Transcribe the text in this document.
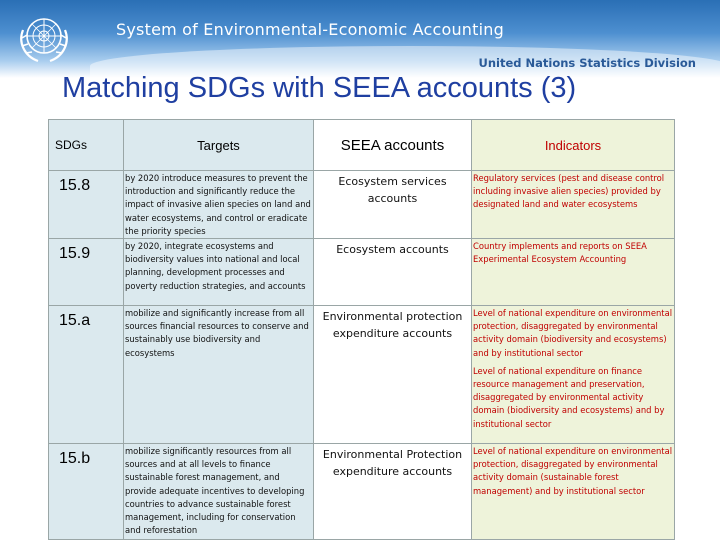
System of Environmental-Economic Accounting
United Nations Statistics Division
Matching SDGs with SEEA accounts (3)
SDGs	Targets	SEEA accounts	Indicators

15.8	by 2020 introduce measures to prevent the introduction and significantly reduce the impact of invasive alien species on land and water ecosystems, and control or eradicate the priority species	Ecosystem services accounts	Regulatory services (pest and disease control including invasive alien species) provided by designated land and water ecosystems

15.9	by 2020, integrate ecosystems and biodiversity values into national and local planning, development processes and poverty reduction strategies, and accounts	Ecosystem accounts	Country implements and reports on SEEA Experimental Ecosystem Accounting

15.a	mobilize and significantly increase from all sources financial resources to conserve and sustainably use biodiversity and ecosystems	Environmental protection expenditure accounts	Level of national expenditure on environmental protection, disaggregated by environmental activity domain (biodiversity and ecosystems) and by institutional sector
Level of national expenditure on finance resource management and preservation, disaggregated by environmental activity domain (biodiversity and ecosystems) and by institutional sector

15.b	mobilize significantly resources from all sources and at all levels to finance sustainable forest management, and provide adequate incentives to developing countries to advance sustainable forest management, including for conservation and reforestation	Environmental Protection expenditure accounts	Level of national expenditure on environmental protection, disaggregated by environmental activity domain (sustainable forest management) and by institutional sector
